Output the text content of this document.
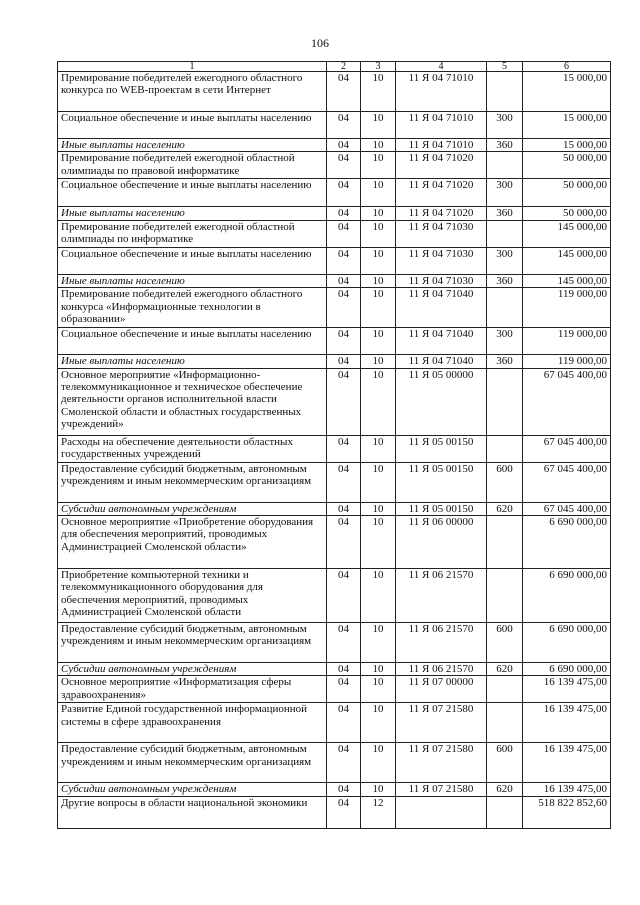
106
1	2	3	4	5	6
Премирование победителей ежегодного областного конкурса по WEB-проектам в сети Интернет	04	10	11 Я 04 71010		15 000,00
Социальное обеспечение и иные выплаты населению	04	10	11 Я 04 71010	300	15 000,00
Иные выплаты населению	04	10	11 Я 04 71010	360	15 000,00
Премирование победителей ежегодной областной олимпиады по правовой информатике	04	10	11 Я 04 71020		50 000,00
Социальное обеспечение и иные выплаты населению	04	10	11 Я 04 71020	300	50 000,00
Иные выплаты населению	04	10	11 Я 04 71020	360	50 000,00
Премирование победителей ежегодной областной олимпиады по информатике	04	10	11 Я 04 71030		145 000,00
Социальное обеспечение и иные выплаты населению	04	10	11 Я 04 71030	300	145 000,00
Иные выплаты населению	04	10	11 Я 04 71030	360	145 000,00
Премирование победителей ежегодного областного конкурса «Информационные технологии в образовании»	04	10	11 Я 04 71040		119 000,00
Социальное обеспечение и иные выплаты населению	04	10	11 Я 04 71040	300	119 000,00
Иные выплаты населению	04	10	11 Я 04 71040	360	119 000,00
Основное мероприятие «Информационно-телекоммуникационное и техническое обеспечение деятельности органов исполнительной власти Смоленской области и областных государственных учреждений»	04	10	11 Я 05 00000		67 045 400,00
Расходы на обеспечение деятельности областных государственных учреждений	04	10	11 Я 05 00150		67 045 400,00
Предоставление субсидий бюджетным, автономным учреждениям и иным некоммерческим организациям	04	10	11 Я 05 00150	600	67 045 400,00
Субсидии автономным учреждениям	04	10	11 Я 05 00150	620	67 045 400,00
Основное мероприятие «Приобретение оборудования для обеспечения мероприятий, проводимых Администрацией Смоленской области»	04	10	11 Я 06 00000		6 690 000,00
Приобретение компьютерной техники и телекоммуникационного оборудования для обеспечения мероприятий, проводимых Администрацией Смоленской области	04	10	11 Я 06 21570		6 690 000,00
Предоставление субсидий бюджетным, автономным учреждениям и иным некоммерческим организациям	04	10	11 Я 06 21570	600	6 690 000,00
Субсидии автономным учреждениям	04	10	11 Я 06 21570	620	6 690 000,00
Основное мероприятие «Информатизация сферы здравоохранения»	04	10	11 Я 07 00000		16 139 475,00
Развитие Единой государственной информационной системы в сфере здравоохранения	04	10	11 Я 07 21580		16 139 475,00
Предоставление субсидий бюджетным, автономным учреждениям и иным некоммерческим организациям	04	10	11 Я 07 21580	600	16 139 475,00
Субсидии автономным учреждениям	04	10	11 Я 07 21580	620	16 139 475,00
Другие вопросы в области национальной экономики	04	12			518 822 852,60
